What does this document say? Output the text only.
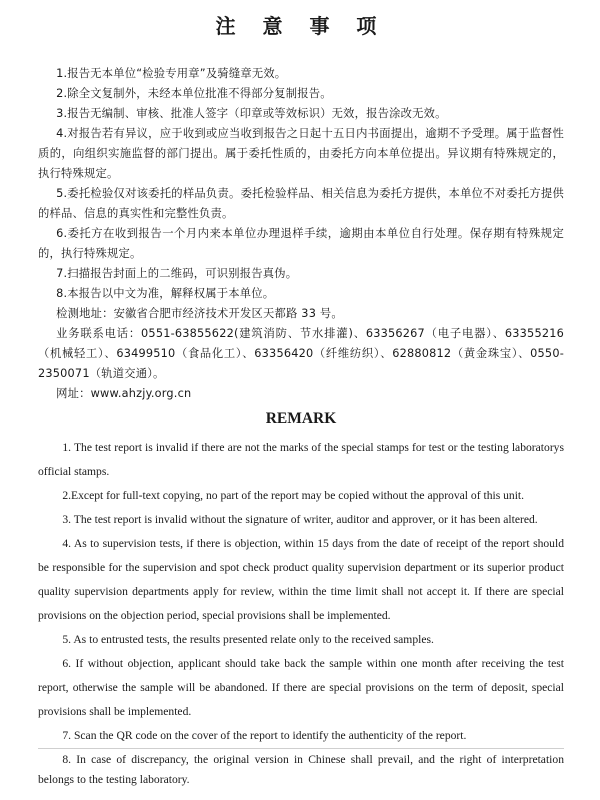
注 意 事 项

1.报告无本单位“检验专用章”及骑缝章无效。

2.除全文复制外，未经本单位批准不得部分复制报告。

3.报告无编制、审核、批准人签字（印章或等效标识）无效，报告涂改无效。

4.对报告若有异议，应于收到或应当收到报告之日起十五日内书面提出，逾期不予受理。属于监督性质的，向组织实施监督的部门提出。属于委托性质的，由委托方向本单位提出。异议期有特殊规定的，执行特殊规定。

5.委托检验仅对该委托的样品负责。委托检验样品、相关信息为委托方提供，本单位不对委托方提供的样品、信息的真实性和完整性负责。

6.委托方在收到报告一个月内来本单位办理退样手续，逾期由本单位自行处理。保存期有特殊规定的，执行特殊规定。

7.扫描报告封面上的二维码，可识别报告真伪。

8.本报告以中文为准，解释权属于本单位。

检测地址：安徽省合肥市经济技术开发区天都路 33 号。

业务联系电话：0551-63855622(建筑消防、节水排灌)、63356267（电子电器）、63355216（机械轻工）、63499510（食品化工）、63356420（纤维纺织）、62880812（黄金珠宝）、0550-2350071（轨道交通）。

网址：www.ahzjy.org.cn

REMARK

1. The test report is invalid if there are not the marks of the special stamps for test or the testing laboratorys official stamps.

2.Except for full-text copying, no part of the report may be copied without the approval of this unit.

3. The test report is invalid without the signature of writer, auditor and approver, or it has been altered.

4. As to supervision tests, if there is objection, within 15 days from the date of receipt of the report should be responsible for the supervision and spot check product quality supervision department or its superior product quality supervision departments apply for review, within the time limit shall not accept it. If there are special provisions on the objection period, special provisions shall be implemented.

5. As to entrusted tests, the results presented relate only to the received samples.

6. If without objection, applicant should take back the sample within one month after receiving the test report, otherwise the sample will be abandoned. If there are special provisions on the term of deposit, special provisions shall be implemented.

7. Scan the QR code on the cover of the report to identify the authenticity of the report.

8. In case of discrepancy, the original version in Chinese shall prevail, and the right of interpretation belongs to the testing laboratory.
